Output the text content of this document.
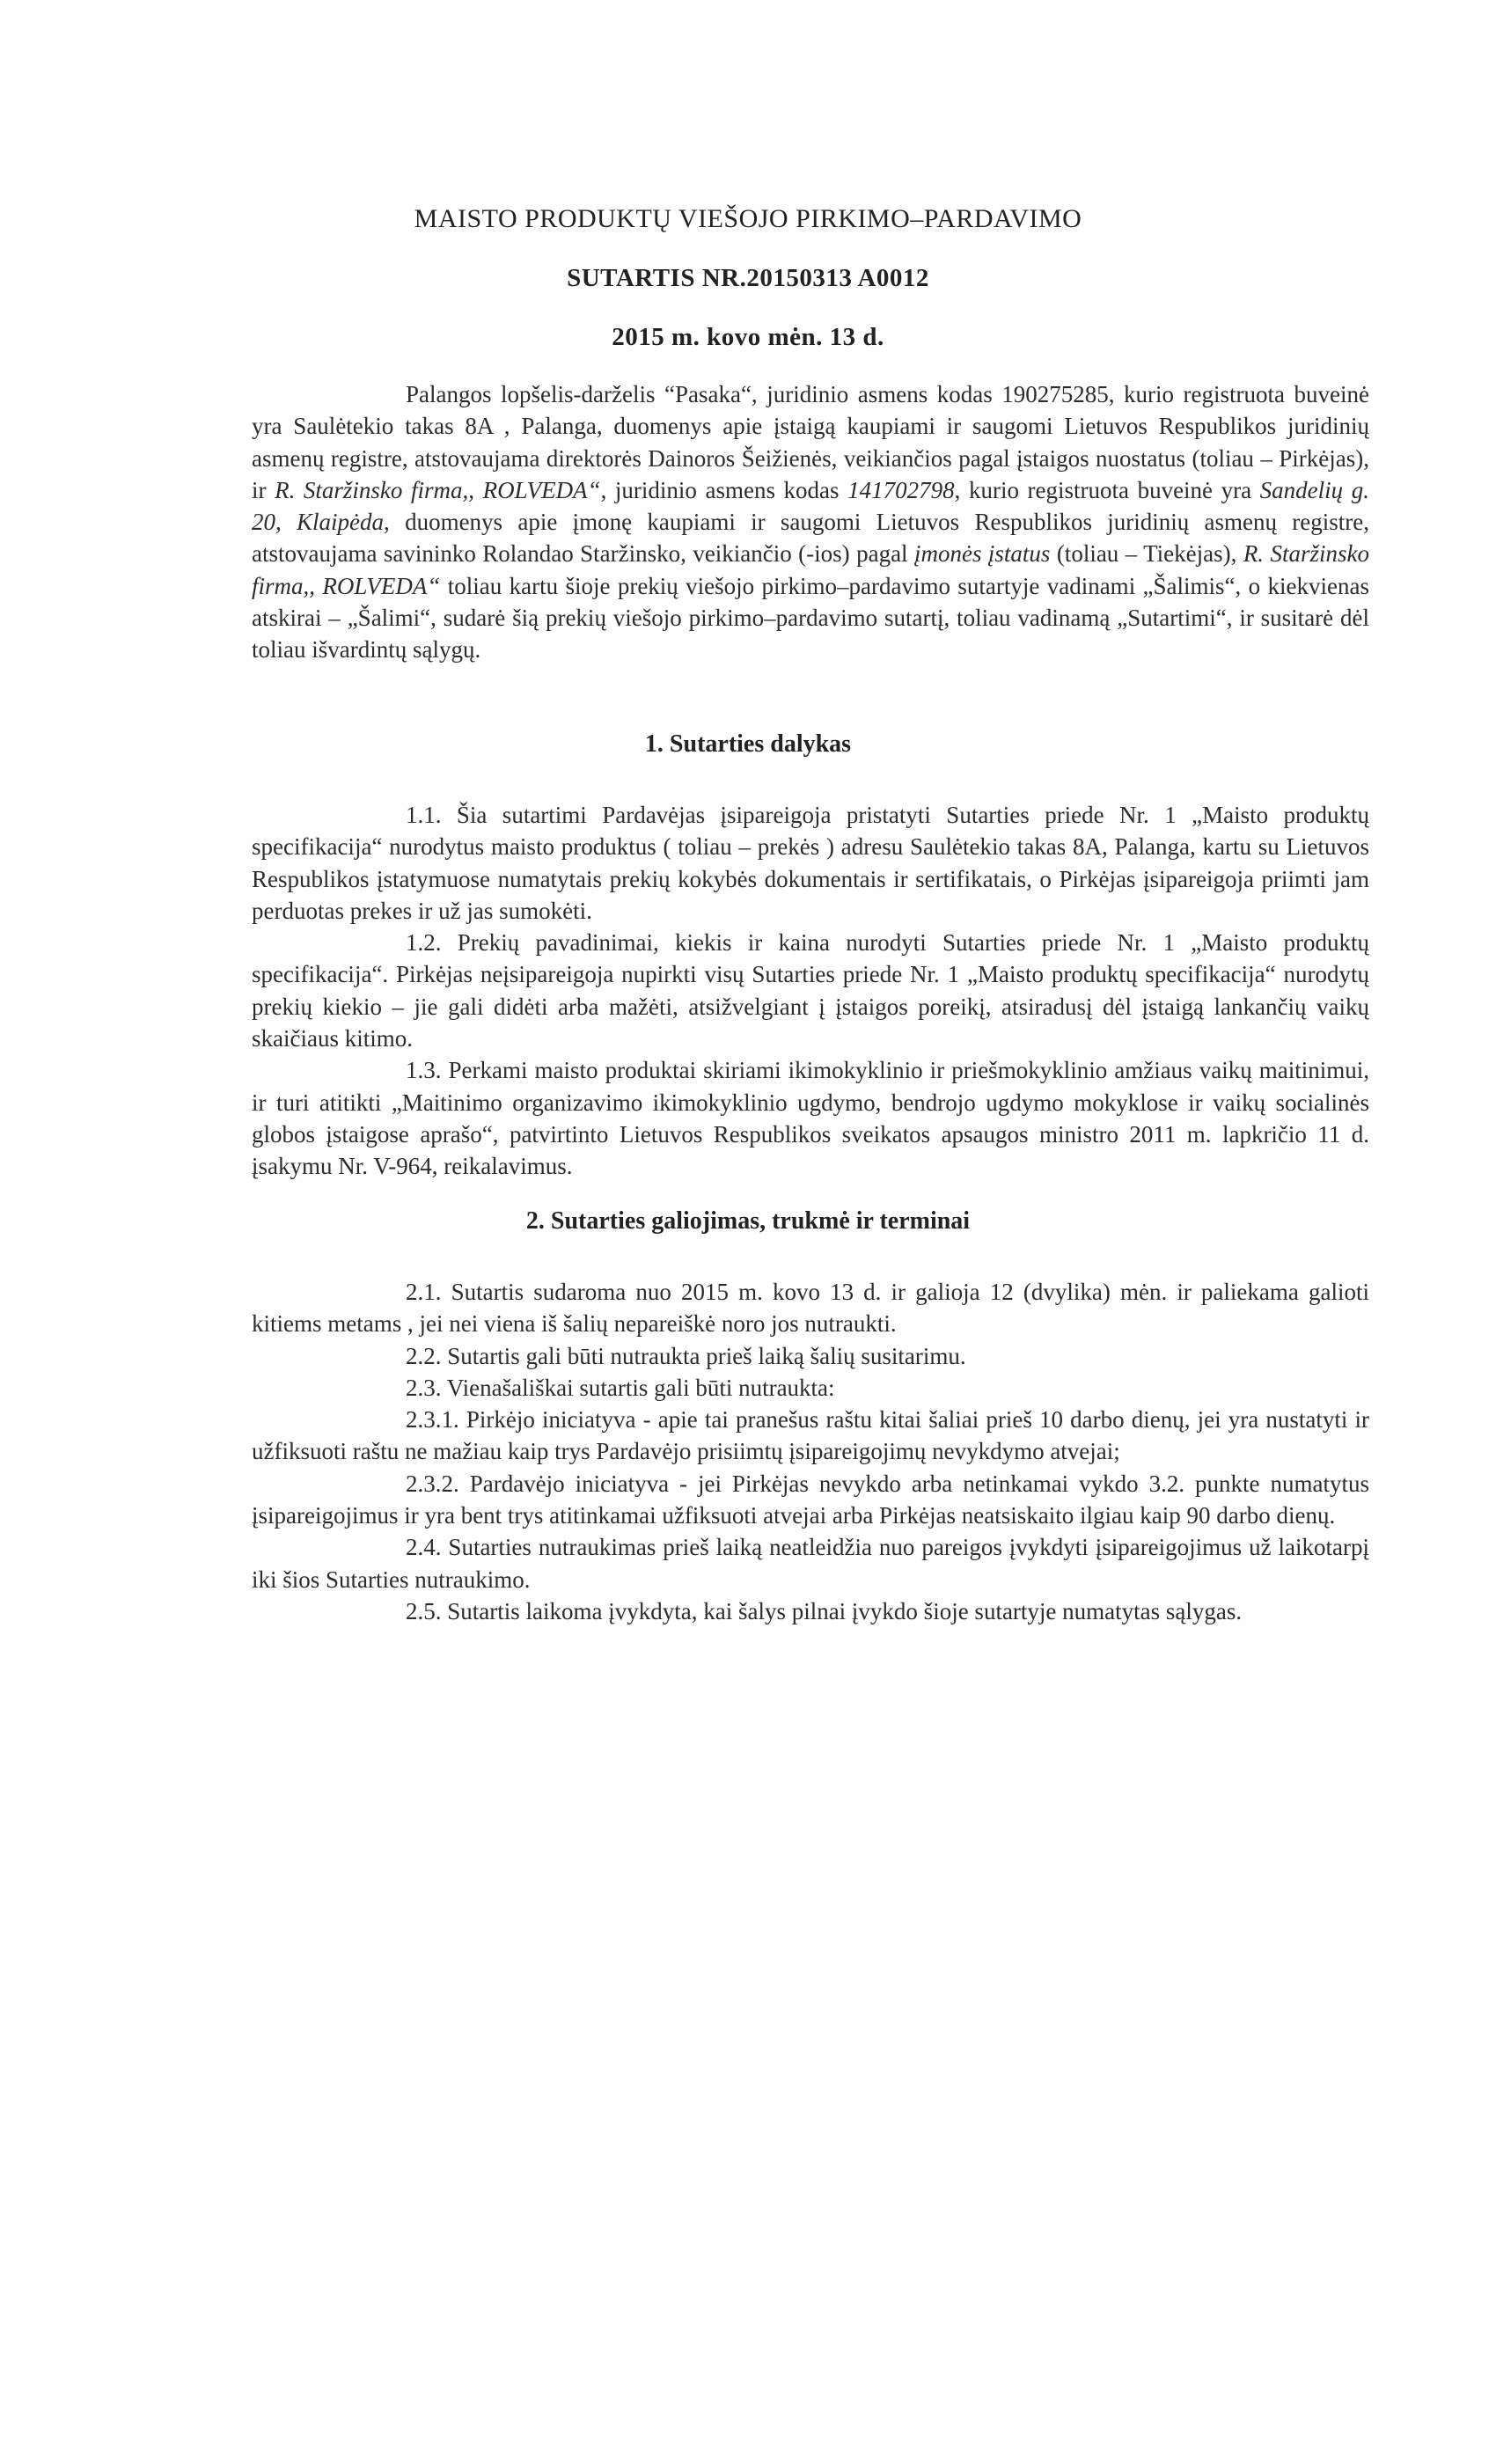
MAISTO PRODUKTŲ VIEŠOJO PIRKIMO–PARDAVIMO
SUTARTIS NR.20150313 A0012
2015 m. kovo mėn. 13 d.

Palangos lopšelis-darželis “Pasaka“, juridinio asmens kodas 190275285, kurio registruota buveinė yra Saulėtekio takas 8A , Palanga, duomenys apie įstaigą kaupiami ir saugomi Lietuvos Respublikos juridinių asmenų registre, atstovaujama direktorės Dainoros Šeižienės, veikiančios pagal įstaigos nuostatus (toliau – Pirkėjas), ir R. Staržinsko firma,, ROLVEDA“, juridinio asmens kodas 141702798, kurio registruota buveinė yra Sandelių g. 20, Klaipėda, duomenys apie įmonę kaupiami ir saugomi Lietuvos Respublikos juridinių asmenų registre, atstovaujama savininko Rolandao Staržinsko, veikiančio (-ios) pagal įmonės įstatus (toliau – Tiekėjas), R. Staržinsko firma,, ROLVEDA“ toliau kartu šioje prekių viešojo pirkimo–pardavimo sutartyje vadinami „Šalimis“, o kiekvienas atskirai – „Šalimi“, sudarė šią prekių viešojo pirkimo–pardavimo sutartį, toliau vadinamą „Sutartimi“, ir susitarė dėl toliau išvardintų sąlygų.

1. Sutarties dalykas

1.1. Šia sutartimi Pardavėjas įsipareigoja pristatyti Sutarties priede Nr. 1 „Maisto produktų specifikacija“ nurodytus maisto produktus ( toliau – prekės ) adresu Saulėtekio takas 8A, Palanga, kartu su Lietuvos Respublikos įstatymuose numatytais prekių kokybės dokumentais ir sertifikatais, o Pirkėjas įsipareigoja priimti jam perduotas prekes ir už jas sumokėti.

1.2. Prekių pavadinimai, kiekis ir kaina nurodyti Sutarties priede Nr. 1 „Maisto produktų specifikacija“. Pirkėjas neįsipareigoja nupirkti visų Sutarties priede Nr. 1 „Maisto produktų specifikacija“ nurodytų prekių kiekio – jie gali didėti arba mažėti, atsižvelgiant į įstaigos poreikį, atsiradusį dėl įstaigą lankančių vaikų skaičiaus kitimo.

1.3. Perkami maisto produktai skiriami ikimokyklinio ir priešmokyklinio amžiaus vaikų maitinimui, ir turi atitikti „Maitinimo organizavimo ikimokyklinio ugdymo, bendrojo ugdymo mokyklose ir vaikų socialinės globos įstaigose aprašo“, patvirtinto Lietuvos Respublikos sveikatos apsaugos ministro 2011 m. lapkričio 11 d. įsakymu Nr. V-964, reikalavimus.

2. Sutarties galiojimas, trukmė ir terminai

2.1. Sutartis sudaroma nuo 2015 m. kovo 13 d. ir galioja 12 (dvylika) mėn. ir paliekama galioti kitiems metams , jei nei viena iš šalių nepareiškė noro jos nutraukti.

2.2. Sutartis gali būti nutraukta prieš laiką šalių susitarimu.

2.3. Vienašališkai sutartis gali būti nutraukta:

2.3.1. Pirkėjo iniciatyva - apie tai pranešus raštu kitai šaliai prieš 10 darbo dienų, jei yra nustatyti ir užfiksuoti raštu ne mažiau kaip trys Pardavėjo prisiimtų įsipareigojimų nevykdymo atvejai;

2.3.2. Pardavėjo iniciatyva - jei Pirkėjas nevykdo arba netinkamai vykdo 3.2. punkte numatytus įsipareigojimus ir yra bent trys atitinkamai užfiksuoti atvejai arba Pirkėjas neatsiskaito ilgiau kaip 90 darbo dienų.

2.4. Sutarties nutraukimas prieš laiką neatleidžia nuo pareigos įvykdyti įsipareigojimus už laikotarpį iki šios Sutarties nutraukimo.

2.5. Sutartis laikoma įvykdyta, kai šalys pilnai įvykdo šioje sutartyje numatytas sąlygas.
